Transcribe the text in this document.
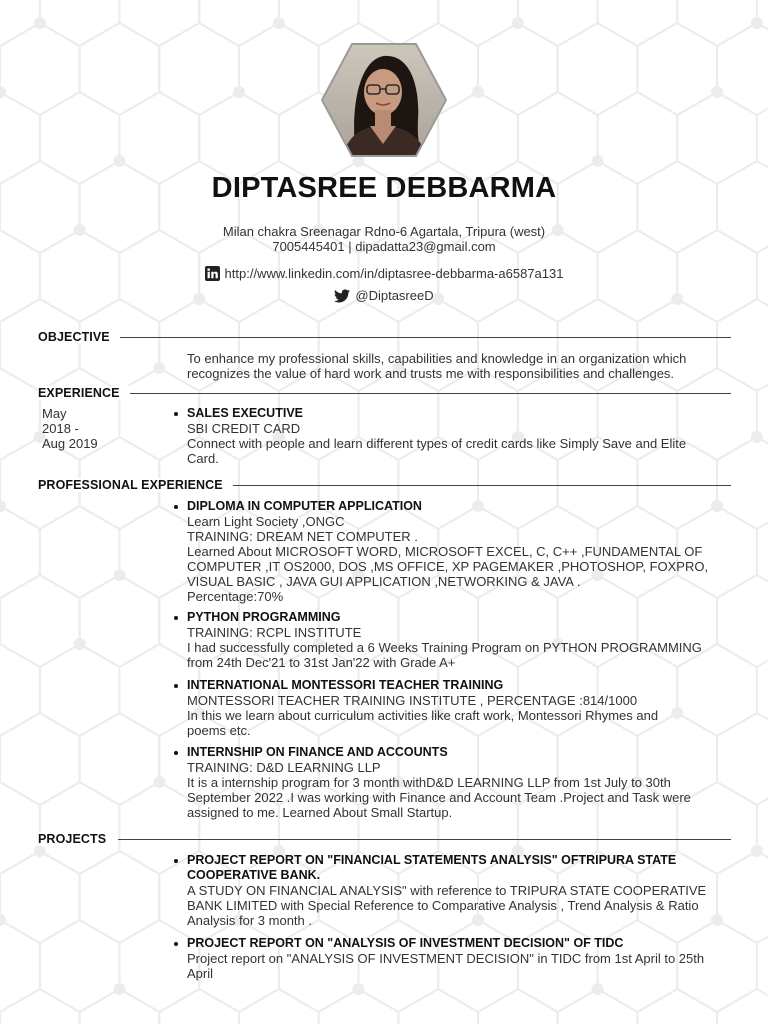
DIPTASREE DEBBARMA
Milan chakra Sreenagar Rdno-6 Agartala, Tripura (west)
7005445401 | dipadatta23@gmail.com
http://www.linkedin.com/in/diptasree-debbarma-a6587a131
@DiptasreeD
OBJECTIVE
To enhance my professional skills, capabilities and knowledge in an organization which
recognizes the value of hard work and trusts me with responsibilities and challenges.
EXPERIENCE
May
2018 -
Aug 2019
SALES EXECUTIVE
SBI CREDIT CARD
Connect with people and learn different types of credit cards like Simply Save and Elite
Card.
PROFESSIONAL EXPERIENCE
DIPLOMA IN COMPUTER APPLICATION
Learn Light Society ,ONGC
TRAINING: DREAM NET COMPUTER .
Learned About MICROSOFT WORD, MICROSOFT EXCEL, C, C++ ,FUNDAMENTAL OF
COMPUTER ,IT OS2000, DOS ,MS OFFICE, XP PAGEMAKER ,PHOTOSHOP, FOXPRO,
VISUAL BASIC , JAVA GUI APPLICATION ,NETWORKING & JAVA .
Percentage:70%
PYTHON PROGRAMMING
TRAINING: RCPL INSTITUTE
I had successfully completed a 6 Weeks Training Program on PYTHON PROGRAMMING
from 24th Dec'21 to 31st Jan'22 with Grade A+
INTERNATIONAL MONTESSORI TEACHER TRAINING
MONTESSORI TEACHER TRAINING INSTITUTE , PERCENTAGE :814/1000
In this we learn about curriculum activities like craft work, Montessori Rhymes and
poems etc.
INTERNSHIP ON FINANCE AND ACCOUNTS
TRAINING: D&D LEARNING LLP
It is a internship program for 3 month withD&D LEARNING LLP from 1st July to 30th
September 2022 .I was working with Finance and Account Team .Project and Task were
assigned to me. Learned About Small Startup.
PROJECTS
PROJECT REPORT ON "FINANCIAL STATEMENTS ANALYSIS" OFTRIPURA STATE
COOPERATIVE BANK.
A STUDY ON FINANCIAL ANALYSIS" with reference to TRIPURA STATE COOPERATIVE
BANK LIMITED with Special Reference to Comparative Analysis , Trend Analysis & Ratio
Analysis for 3 month .
PROJECT REPORT ON "ANALYSIS OF INVESTMENT DECISION" OF TIDC
Project report on "ANALYSIS OF INVESTMENT DECISION" in TIDC from 1st April to 25th
April
